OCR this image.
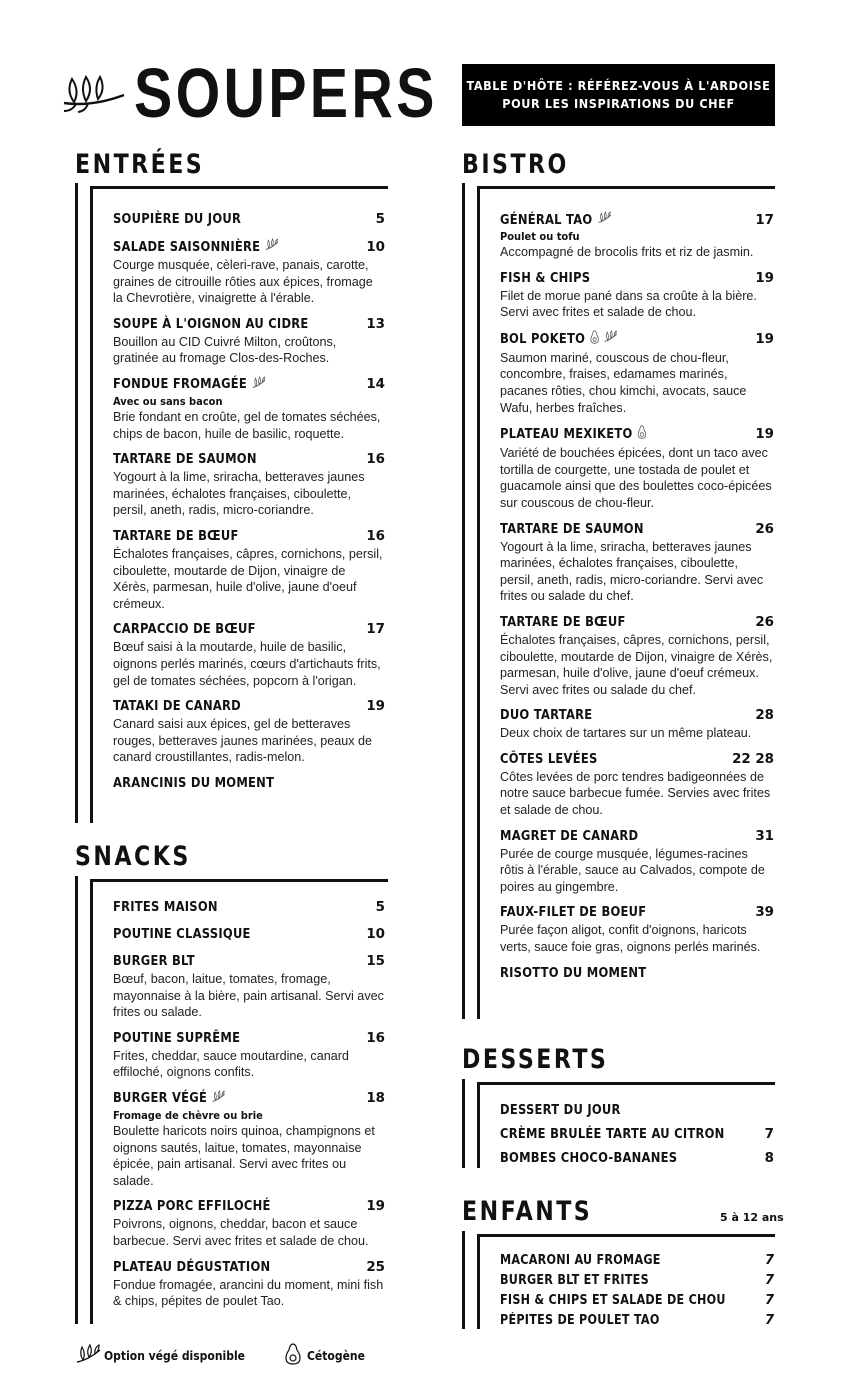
SOUPERS TABLE D'HÔTE : RÉFÉREZ-VOUS À L'ARDOISE
POUR LES INSPIRATIONS DU CHEF
ENTRÉES
SOUPIÈRE DU JOUR	5
SALADE SAISONNIÈRE	10
Courge musquée, cèleri-rave, panais, carotte, graines de citrouille rôties aux épices, fromage la Chevrotière, vinaigrette à l'érable.
SOUPE À L'OIGNON AU CIDRE	13
Bouillon au CID Cuivré Milton, croûtons, gratinée au fromage Clos-des-Roches.
FONDUE FROMAGÉE	14
Avec ou sans bacon
Brie fondant en croûte, gel de tomates séchées, chips de bacon, huile de basilic, roquette.
TARTARE DE SAUMON	16
Yogourt à la lime, sriracha, betteraves jaunes marinées, échalotes françaises, ciboulette, persil, aneth, radis, micro-coriandre.
TARTARE DE BŒUF	16
Échalotes françaises, câpres, cornichons, persil, ciboulette, moutarde de Dijon, vinaigre de Xérès, parmesan, huile d'olive, jaune d'oeuf crémeux.
CARPACCIO DE BŒUF	17
Bœuf saisi à la moutarde, huile de basilic, oignons perlés marinés, cœurs d'artichauts frits, gel de tomates séchées, popcorn à l'origan.
TATAKI DE CANARD	19
Canard saisi aux épices, gel de betteraves rouges, betteraves jaunes marinées, peaux de canard croustillantes, radis-melon.
ARANCINIS DU MOMENT
SNACKS
FRITES MAISON	5
POUTINE CLASSIQUE	10
BURGER BLT	15
Bœuf, bacon, laitue, tomates, fromage, mayonnaise à la bière, pain artisanal. Servi avec frites ou salade.
POUTINE SUPRÊME	16
Frites, cheddar, sauce moutardine, canard effiloché, oignons confits.
BURGER VÉGÉ	18
Fromage de chèvre ou brie
Boulette haricots noirs quinoa, champignons et oignons sautés, laitue, tomates, mayonnaise épicée, pain artisanal. Servi avec frites ou salade.
PIZZA PORC EFFILOCHÉ	19
Poivrons, oignons, cheddar, bacon et sauce barbecue. Servi avec frites et salade de chou.
PLATEAU DÉGUSTATION	25
Fondue fromagée, arancini du moment, mini fish & chips, pépites de poulet Tao.
BISTRO
GÉNÉRAL TAO	17
Poulet ou tofu
Accompagné de brocolis frits et riz de jasmin.
FISH & CHIPS	19
Filet de morue pané dans sa croûte à la bière. Servi avec frites et salade de chou.
BOL POKETO	19
Saumon mariné, couscous de chou-fleur, concombre, fraises, edamames marinés, pacanes rôties, chou kimchi, avocats, sauce Wafu, herbes fraîches.
PLATEAU MEXIKETO	19
Variété de bouchées épicées, dont un taco avec tortilla de courgette, une tostada de poulet et guacamole ainsi que des boulettes coco-épicées sur couscous de chou-fleur.
TARTARE DE SAUMON	26
Yogourt à la lime, sriracha, betteraves jaunes marinées, échalotes françaises, ciboulette, persil, aneth, radis, micro-coriandre. Servi avec frites ou salade du chef.
TARTARE DE BŒUF	26
Échalotes françaises, câpres, cornichons, persil, ciboulette, moutarde de Dijon, vinaigre de Xérès, parmesan, huile d'olive, jaune d'oeuf crémeux. Servi avec frites ou salade du chef.
DUO TARTARE	28
Deux choix de tartares sur un même plateau.
CÔTES LEVÉES	22 28
Côtes levées de porc tendres badigeonnées de notre sauce barbecue fumée. Servies avec frites et salade de chou.
MAGRET DE CANARD	31
Purée de courge musquée, légumes-racines rôtis à l'érable, sauce au Calvados, compote de poires au gingembre.
FAUX-FILET DE BOEUF	39
Purée façon aligot, confit d'oignons, haricots verts, sauce foie gras, oignons perlés marinés.
RISOTTO DU MOMENT
DESSERTS
DESSERT DU JOUR
CRÈME BRULÉE TARTE AU CITRON	7
BOMBES CHOCO-BANANES	8
ENFANTS	5 à 12 ans
MACARONI AU FROMAGE	7
BURGER BLT ET FRITES	7
FISH & CHIPS ET SALADE DE CHOU	7
PÉPITES DE POULET TAO	7
Option végé disponible	Cétogène
